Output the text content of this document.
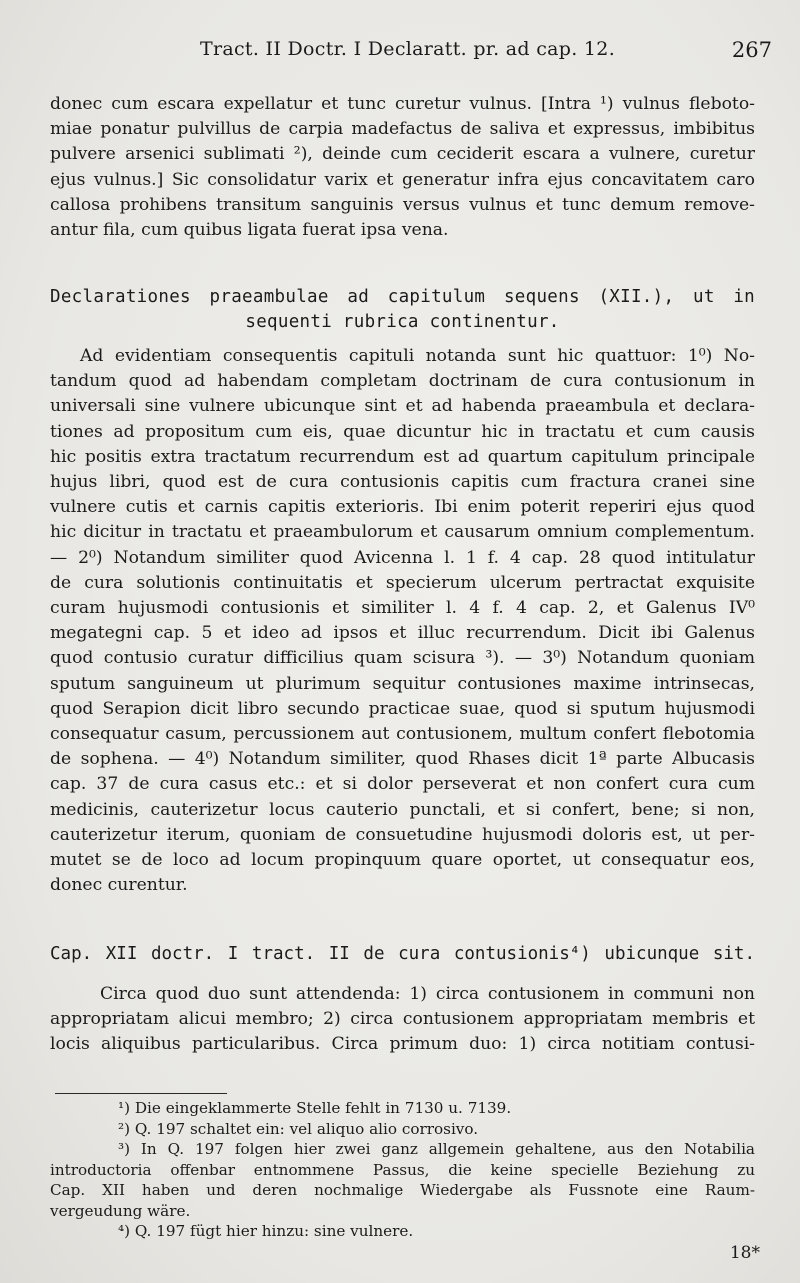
Tract. II Doctr. I Declaratt. pr. ad cap. 12.	267

donec cum escara expellatur et tunc curetur vulnus. [Intra ¹) vulnus fleboto-
miae ponatur pulvillus de carpia madefactus de saliva et expressus, imbibitus
pulvere arsenici sublimati ²), deinde cum ceciderit escara a vulnere, curetur
ejus vulnus.] Sic consolidatur varix et generatur infra ejus concavitatem caro
callosa prohibens transitum sanguinis versus vulnus et tunc demum remove-
antur fila, cum quibus ligata fuerat ipsa vena.

Declarationes praeambulae ad capitulum sequens (XII.), ut in
sequenti rubrica continentur.

Ad evidentiam consequentis capituli notanda sunt hic quattuor: 1⁰) No-
tandum quod ad habendam completam doctrinam de cura contusionum in
universali sine vulnere ubicunque sint et ad habenda praeambula et declara-
tiones ad propositum cum eis, quae dicuntur hic in tractatu et cum causis
hic positis extra tractatum recurrendum est ad quartum capitulum principale
hujus libri, quod est de cura contusionis capitis cum fractura cranei sine
vulnere cutis et carnis capitis exterioris. Ibi enim poterit reperiri ejus quod
hic dicitur in tractatu et praeambulorum et causarum omnium complementum.
— 2⁰) Notandum similiter quod Avicenna l. 1 f. 4 cap. 28 quod intitulatur
de cura solutionis continuitatis et specierum ulcerum pertractat exquisite
curam hujusmodi contusionis et similiter l. 4 f. 4 cap. 2, et Galenus IV⁰
megategni cap. 5 et ideo ad ipsos et illuc recurrendum. Dicit ibi Galenus
quod contusio curatur difficilius quam scisura ³). — 3⁰) Notandum quoniam
sputum sanguineum ut plurimum sequitur contusiones maxime intrinsecas,
quod Serapion dicit libro secundo practicae suae, quod si sputum hujusmodi
consequatur casum, percussionem aut contusionem, multum confert flebotomia
de sophena. — 4⁰) Notandum similiter, quod Rhases dicit 1ª parte Albucasis
cap. 37 de cura casus etc.: et si dolor perseverat et non confert cura cum
medicinis, cauterizetur locus cauterio punctali, et si confert, bene; si non,
cauterizetur iterum, quoniam de consuetudine hujusmodi doloris est, ut per-
mutet se de loco ad locum propinquum quare oportet, ut consequatur eos,
donec curentur.

Cap. XII doctr. I tract. II de cura contusionis⁴) ubicunque sit.

Circa quod duo sunt attendenda: 1) circa contusionem in communi non
appropriatam alicui membro; 2) circa contusionem appropriatam membris et
locis aliquibus particularibus. Circa primum duo: 1) circa notitiam contusi-

¹) Die eingeklammerte Stelle fehlt in 7130 u. 7139.
²) Q. 197 schaltet ein: vel aliquo alio corrosivo.
³) In Q. 197 folgen hier zwei ganz allgemein gehaltene, aus den Notabilia
introductoria offenbar entnommene Passus, die keine specielle Beziehung zu
Cap. XII haben und deren nochmalige Wiedergabe als Fussnote eine Raum-
vergeudung wäre.
⁴) Q. 197 fügt hier hinzu: sine vulnere.
18*
